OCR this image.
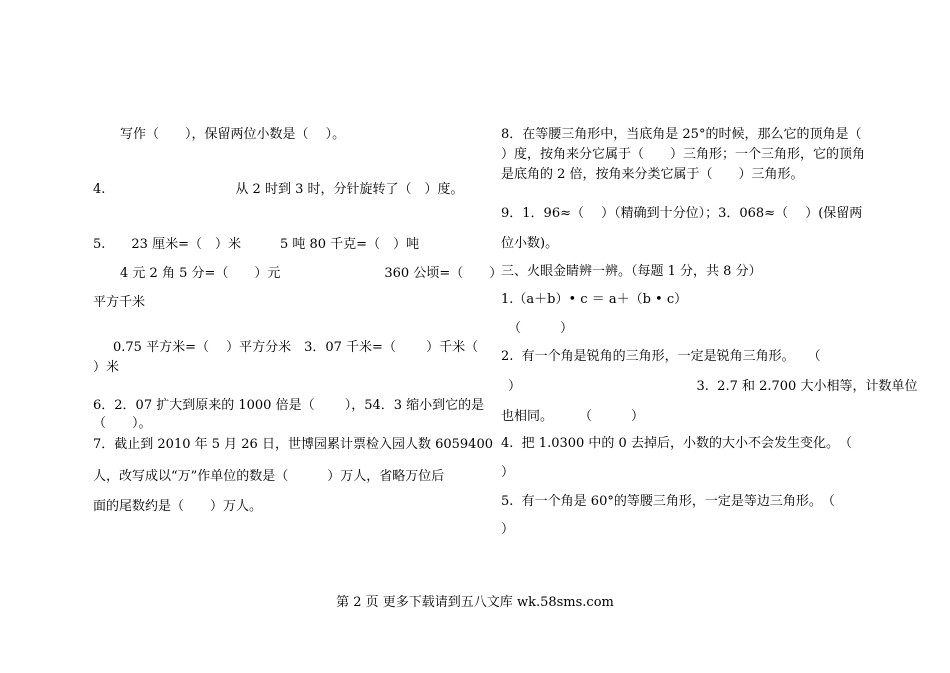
写作（　　），保留两位小数是（　 ）。
4.　　　　　　　　　　从 2 时到 3 时，分针旋转了（　）度。
5.　　23 厘米=（　）米　　　5 吨 80 千克=（　）吨
4 元 2 角 5 分=（　　）元　　　　　　　　360 公顷=（　　）
平方千米
0.75 平方米=（　 ）平方分米　3．07 千米=（　　 ）千米（
）米
6．2．07 扩大到原来的 1000 倍是（　　 ），54．3 缩小到它的是
（　　）。
7．截止到 2010 年 5 月 26 日，世博园累计票检入园人数 6059400
人，改写成以“万”作单位的数是（　　　）万人，省略万位后
面的尾数约是（　　）万人。
8．在等腰三角形中，当底角是 25°的时候，那么它的顶角是（
）度，按角来分它属于（　　）三角形；一个三角形，它的顶角
是底角的 2 倍，按角来分类它属于（　　）三角形。
9．1．96≈（　 ）（精确到十分位）；3．068≈（　 ）(保留两
位小数)。
三、火眼金睛辨一辨。（每题 1 分，共 8 分）
1.（a＋b）• c ＝ a＋（b • c）
（　　　）
2.  有一个角是锐角的三角形，一定是锐角三角形。　　（
）　　　　　　　　　　　　　　3.  2.7 和 2.700 大小相等，计数单位
也相同。　　　（　　　）
4.  把 1.0300 中的 0 去掉后，小数的大小不会发生变化。　（
）
5.  有一个角是 60°的等腰三角形，一定是等边三角形。　（
）
第 2 页 更多下载请到五八文库 wk.58sms.com
